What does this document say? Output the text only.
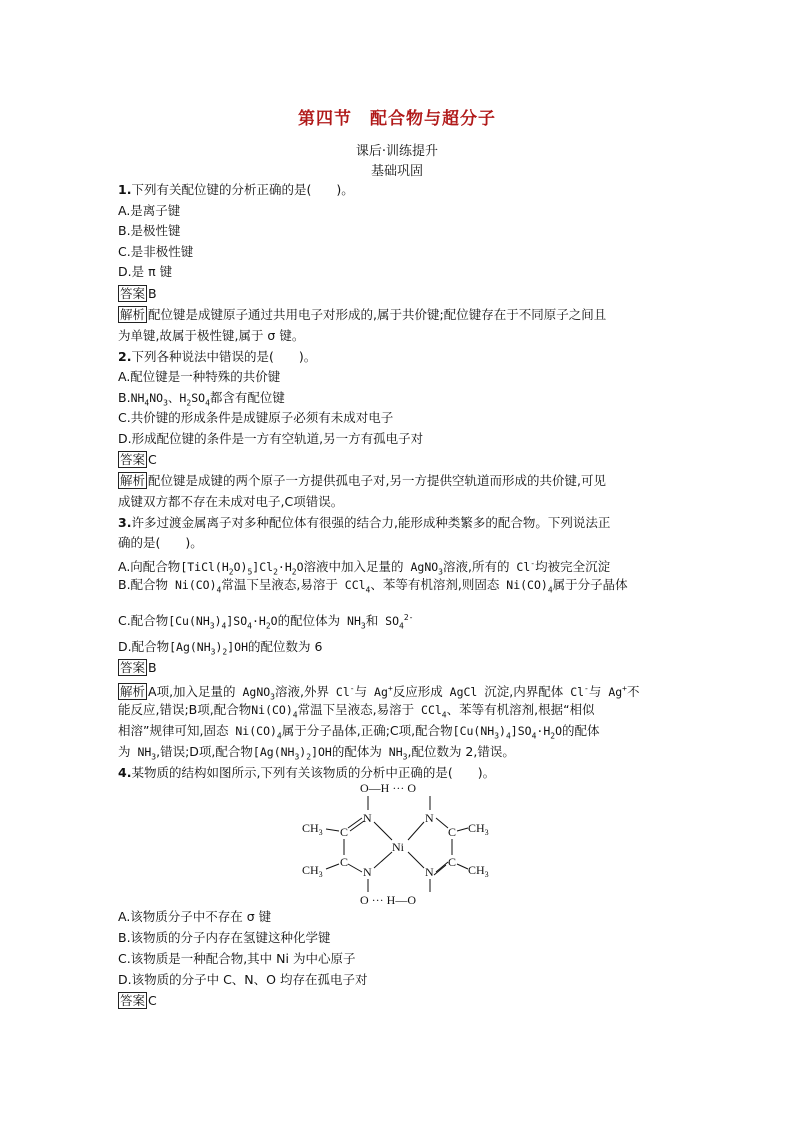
第四节　配合物与超分子
课后·训练提升
基础巩固
1.下列有关配位键的分析正确的是(　　)。
A.是离子键
B.是极性键
C.是非极性键
D.是 π 键
答案 B
解析 配位键是成键原子通过共用电子对形成的,属于共价键;配位键存在于不同原子之间且
为单键,故属于极性键,属于 σ 键。
2.下列各种说法中错误的是(　　)。
A.配位键是一种特殊的共价键
$B.NH_4NO_3$、$H_2SO_4$都含有配位键
C.共价键的形成条件是成键原子必须有未成对电子
D.形成配位键的条件是一方有空轨道,另一方有孤电子对
答案 C
解析 配位键是成键的两个原子一方提供孤电子对,另一方提供空轨道而形成的共价键,可见
成键双方都不存在未成对电子,C项错误。
3.许多过渡金属离子对多种配位体有很强的结合力,能形成种类繁多的配合物。下列说法正
确的是(　　)。
A.向配合物$[TiCl(H_2O)_5]Cl_2\cdot H_2O$溶液中加入足量的 AgNO$_3$溶液,所有的 Cl-均被完全沉淀
B.配合物 $Ni(CO)_4$常温下呈液态,易溶于 CCl$_4$、苯等有机溶剂,则固态 $Ni(CO)_4$属于分子晶体
C.配合物$[Cu(NH_3)_4]SO_4\cdot H_2O$的配位体为 $NH_3$和 $SO_4^{2-}$
D.配合物$[Ag(NH_3)_2]OH$的配位数为 6
答案 B
解析 A项,加入足量的 AgNO$_3$溶液,外界 Cl-与 Ag+反应形成 AgCl 沉淀,内界配体 Cl-与 Ag+不
能反应,错误;B项,配合物$Ni(CO)_4$常温下呈液态,易溶于 CCl$_4$、苯等有机溶剂,根据“相似
相溶”规律可知,固态 $Ni(CO)_4$属于分子晶体,正确;C项,配合物$[Cu(NH_3)_4]SO_4\cdot H_2O$的配体
为 $NH_3$,错误;D项,配合物$[Ag(NH_3)_2]OH$的配体为 $NH_3$,配位数为 2,错误。
4.某物质的结构如图所示,下列有关该物质的分析中正确的是(　　)。
O—H ··· O
O ··· H—O
N	N
N	N
Ni
C
C
C
C
$CH_3$
$CH_3$
$CH_3$
$CH_3$
A.该物质分子中不存在 σ 键
B.该物质的分子内存在氢键这种化学键
C.该物质是一种配合物,其中 Ni 为中心原子
D.该物质的分子中 C、N、O 均存在孤电子对
答案 C
